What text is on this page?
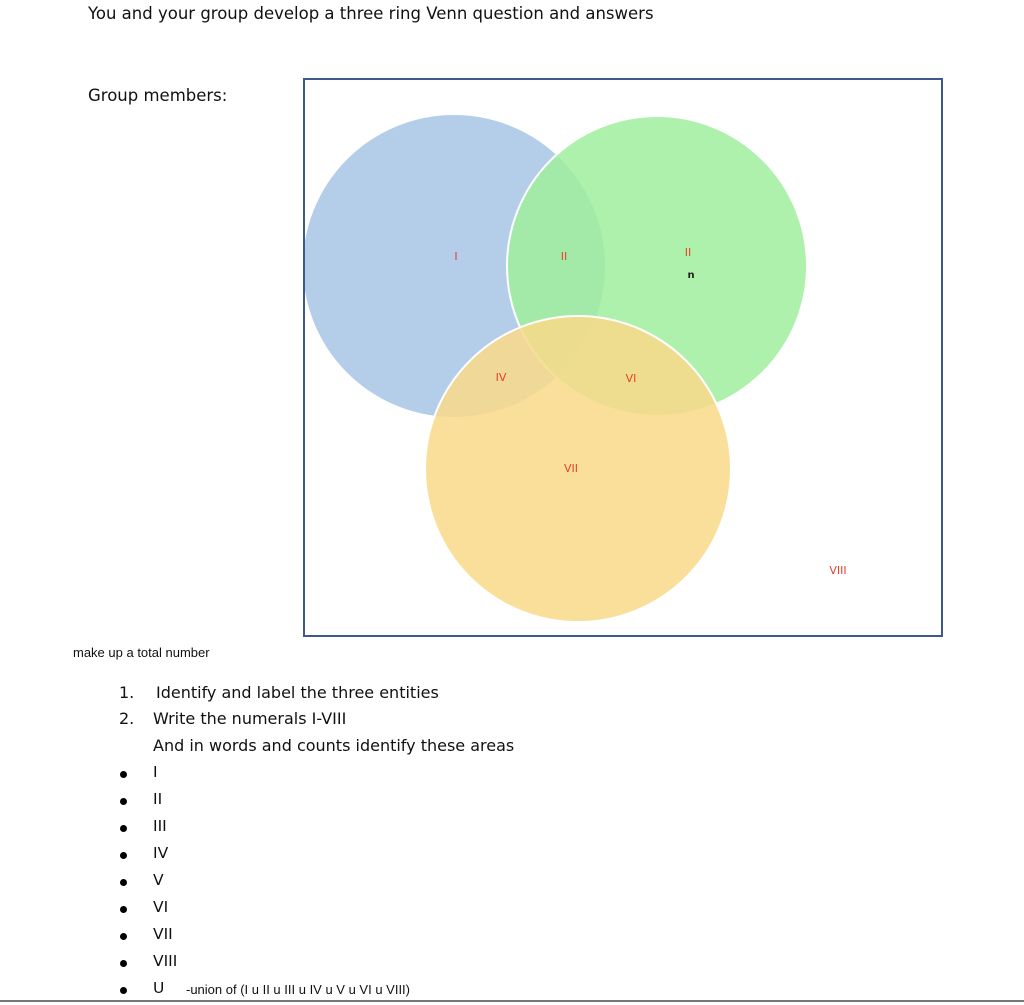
You and your group develop a three ring Venn question and answers
Group members:
I	II	II
n
IV	VI
VII
VIII
make up a total number
1. Identify and label the three entities
2. Write the numerals I-VIII
And in words and counts identify these areas
I
II
III
IV
V
VI
VII
VIII
U -union of (I u II u III u IV u V u VI u VIII)
